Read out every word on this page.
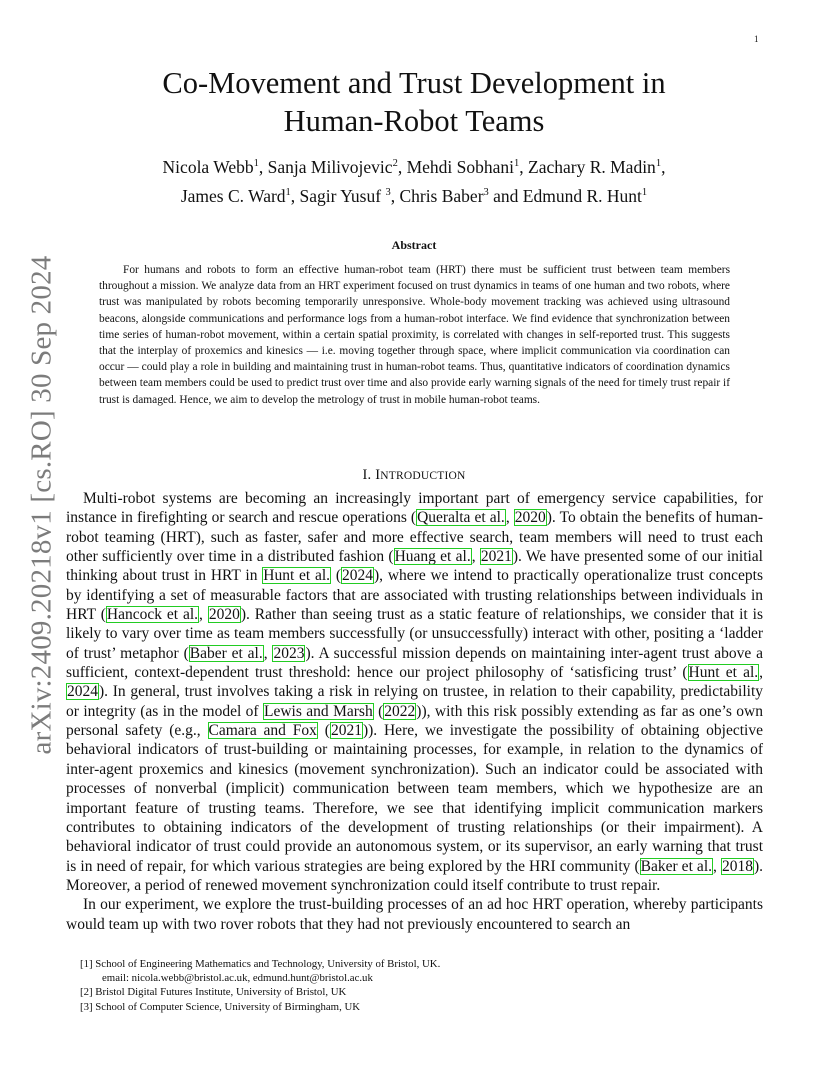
1
arXiv:2409.20218v1 [cs.RO] 30 Sep 2024
Co-Movement and Trust Development in
Human-Robot Teams
Nicola Webb$^1$, Sanja Milivojevic$^2$, Mehdi Sobhani$^1$, Zachary R. Madin$^1$,
James C. Ward$^1$, Sagir Yusuf $^3$, Chris Baber$^3$ and Edmund R. Hunt$^1$
Abstract

For humans and robots to form an effective human-robot team (HRT) there must be sufficient trust between team members throughout a mission. We analyze data from an HRT experiment focused on trust dynamics in teams of one human and two robots, where trust was manipulated by robots becoming temporarily unresponsive. Whole-body movement tracking was achieved using ultrasound beacons, alongside communications and performance logs from a human-robot interface. We find evidence that synchronization between time series of human-robot movement, within a certain spatial proximity, is correlated with changes in self-reported trust. This suggests that the interplay of proxemics and kinesics — i.e. moving together through space, where implicit communication via coordination can occur — could play a role in building and maintaining trust in human-robot teams. Thus, quantitative indicators of coordination dynamics between team members could be used to predict trust over time and also provide early warning signals of the need for timely trust repair if trust is damaged. Hence, we aim to develop the metrology of trust in mobile human-robot teams.

I. INTRODUCTION

Multi-robot systems are becoming an increasingly important part of emergency service capabilities, for instance in firefighting or search and rescue operations (Queralta et al., 2020). To obtain the benefits of human-robot teaming (HRT), such as faster, safer and more effective search, team members will need to trust each other sufficiently over time in a distributed fashion (Huang et al., 2021). We have presented some of our initial thinking about trust in HRT in Hunt et al. (2024), where we intend to practically operationalize trust concepts by identifying a set of measurable factors that are associated with trusting relationships between individuals in HRT (Hancock et al., 2020). Rather than seeing trust as a static feature of relationships, we consider that it is likely to vary over time as team members successfully (or unsuccessfully) interact with other, positing a ‘ladder of trust’ metaphor (Baber et al., 2023). A successful mission depends on maintaining inter-agent trust above a sufficient, context-dependent trust threshold: hence our project philosophy of ‘satisficing trust’ (Hunt et al., 2024). In general, trust involves taking a risk in relying on trustee, in relation to their capability, predictability or integrity (as in the model of Lewis and Marsh (2022)), with this risk possibly extending as far as one’s own personal safety (e.g., Camara and Fox (2021)). Here, we investigate the possibility of obtaining objective behavioral indicators of trust-building or maintaining processes, for example, in relation to the dynamics of inter-agent proxemics and kinesics (movement synchronization). Such an indicator could be associated with processes of nonverbal (implicit) communication between team members, which we hypothesize are an important feature of trusting teams. Therefore, we see that identifying implicit communication markers contributes to obtaining indicators of the development of trusting relationships (or their impairment). A behavioral indicator of trust could provide an autonomous system, or its supervisor, an early warning that trust is in need of repair, for which various strategies are being explored by the HRI community (Baker et al., 2018). Moreover, a period of renewed movement synchronization could itself contribute to trust repair.

In our experiment, we explore the trust-building processes of an ad hoc HRT operation, whereby participants would team up with two rover robots that they had not previously encountered to search an

[1] School of Engineering Mathematics and Technology, University of Bristol, UK.
email: nicola.webb@bristol.ac.uk, edmund.hunt@bristol.ac.uk
[2] Bristol Digital Futures Institute, University of Bristol, UK
[3] School of Computer Science, University of Birmingham, UK
